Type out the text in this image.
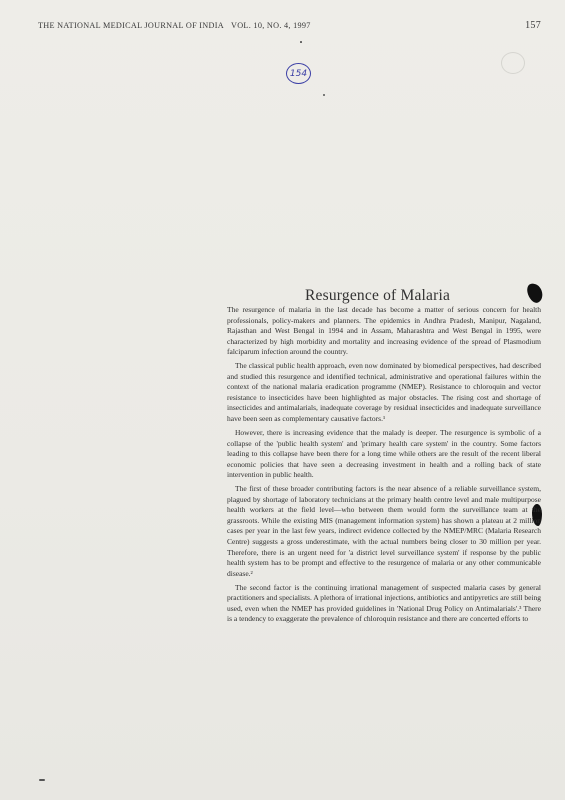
THE NATIONAL MEDICAL JOURNAL OF INDIA VOL. 10, NO. 4, 1997	157
154
Resurgence of Malaria

The resurgence of malaria in the last decade has become a matter of serious concern for health professionals, policy-makers and planners. The epidemics in Andhra Pradesh, Manipur, Nagaland, Rajasthan and West Bengal in 1994 and in Assam, Maharashtra and West Bengal in 1995, were characterized by high morbidity and mortality and increasing evidence of the spread of Plasmodium falciparum infection around the country.

The classical public health approach, even now dominated by biomedical perspectives, had described and studied this resurgence and identified technical, administrative and operational failures within the context of the national malaria eradication programme (NMEP). Resistance to chloroquin and vector resistance to insecticides have been highlighted as major obstacles. The rising cost and shortage of insecticides and antimalarials, inadequate coverage by residual insecticides and inadequate surveillance have been seen as complementary causative factors.¹

However, there is increasing evidence that the malady is deeper. The resurgence is symbolic of a collapse of the 'public health system' and 'primary health care system' in the country. Some factors leading to this collapse have been there for a long time while others are the result of the recent liberal economic policies that have seen a decreasing investment in health and a rolling back of state intervention in public health.

The first of these broader contributing factors is the near absence of a reliable surveillance system, plagued by shortage of laboratory technicians at the primary health centre level and male multipurpose health workers at the field level—who between them would form the surveillance team at the grassroots. While the existing MIS (management information system) has shown a plateau at 2 million cases per year in the last few years, indirect evidence collected by the NMEP/MRC (Malaria Research Centre) suggests a gross underestimate, with the actual numbers being closer to 30 million per year. Therefore, there is an urgent need for 'a district level surveillance system' if response by the public health system has to be prompt and effective to the resurgence of malaria or any other communicable disease.²

The second factor is the continuing irrational management of suspected malaria cases by general practitioners and specialists. A plethora of irrational injections, antibiotics and antipyretics are still being used, even when the NMEP has provided guidelines in 'National Drug Policy on Antimalarials'.³ There is a tendency to exaggerate the prevalence of chloroquin resistance and there are concerted efforts to
